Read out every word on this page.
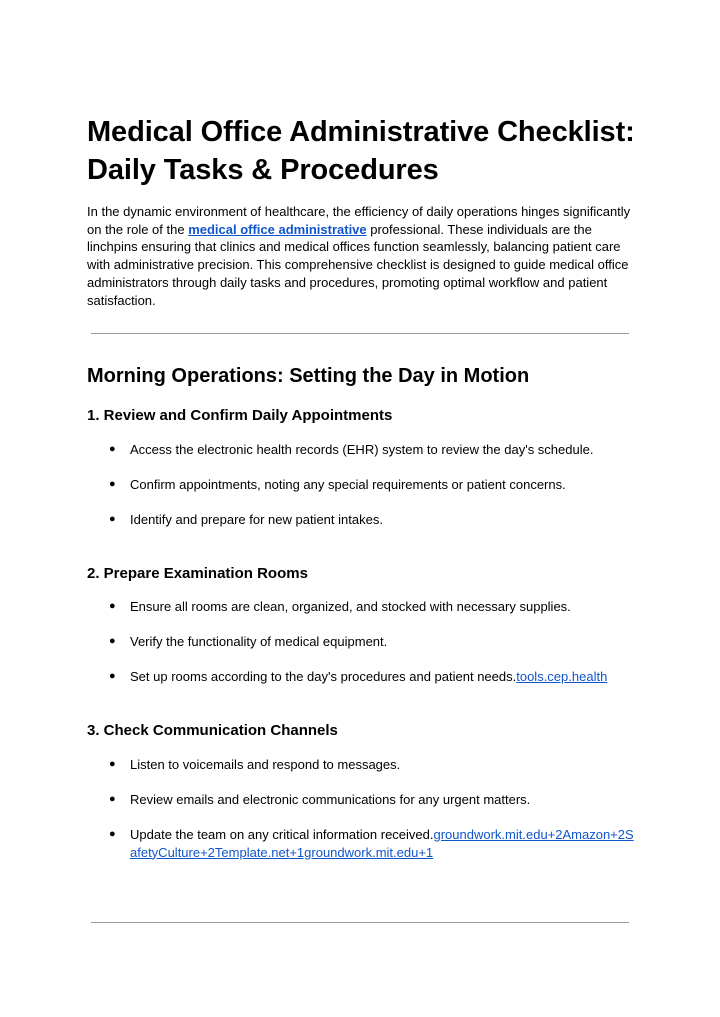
Medical Office Administrative Checklist: Daily Tasks & Procedures

In the dynamic environment of healthcare, the efficiency of daily operations hinges significantly on the role of the medical office administrative professional. These individuals are the linchpins ensuring that clinics and medical offices function seamlessly, balancing patient care with administrative precision. This comprehensive checklist is designed to guide medical office administrators through daily tasks and procedures, promoting optimal workflow and patient satisfaction.

Morning Operations: Setting the Day in Motion
1. Review and Confirm Daily Appointments
● Access the electronic health records (EHR) system to review the day's schedule.
● Confirm appointments, noting any special requirements or patient concerns.
● Identify and prepare for new patient intakes.
2. Prepare Examination Rooms
● Ensure all rooms are clean, organized, and stocked with necessary supplies.
● Verify the functionality of medical equipment.
● Set up rooms according to the day's procedures and patient needs.tools.cep.health
3. Check Communication Channels
● Listen to voicemails and respond to messages.
● Review emails and electronic communications for any urgent matters.
● Update the team on any critical information received.groundwork.mit.edu+2Amazon+2SafetyCulture+2Template.net+1groundwork.mit.edu+1
